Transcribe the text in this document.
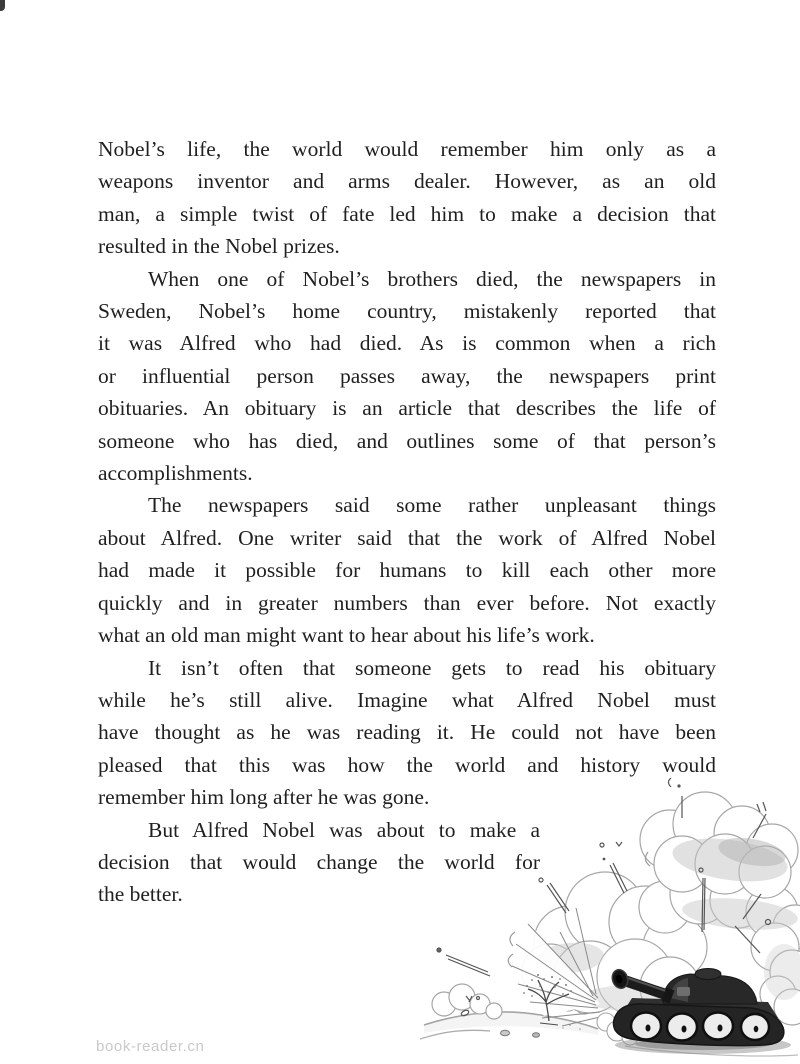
Nobel’s life, the world would remember him only as a
weapons inventor and arms dealer. However, as an old
man, a simple twist of fate led him to make a decision that
resulted in the Nobel prizes.
When one of Nobel’s brothers died, the newspapers in
Sweden, Nobel’s home country, mistakenly reported that
it was Alfred who had died. As is common when a rich
or influential person passes away, the newspapers print
obituaries. An obituary is an article that describes the life of
someone who has died, and outlines some of that person’s
accomplishments.
The newspapers said some rather unpleasant things
about Alfred. One writer said that the work of Alfred Nobel
had made it possible for humans to kill each other more
quickly and in greater numbers than ever before. Not exactly
what an old man might want to hear about his life’s work.
It isn’t often that someone gets to read his obituary
while he’s still alive. Imagine what Alfred Nobel must
have thought as he was reading it. He could not have been
pleased that this was how the world and history would
remember him long after he was gone.
But Alfred Nobel was about to make a
decision that would change the world for
the better.
book-reader.cn
